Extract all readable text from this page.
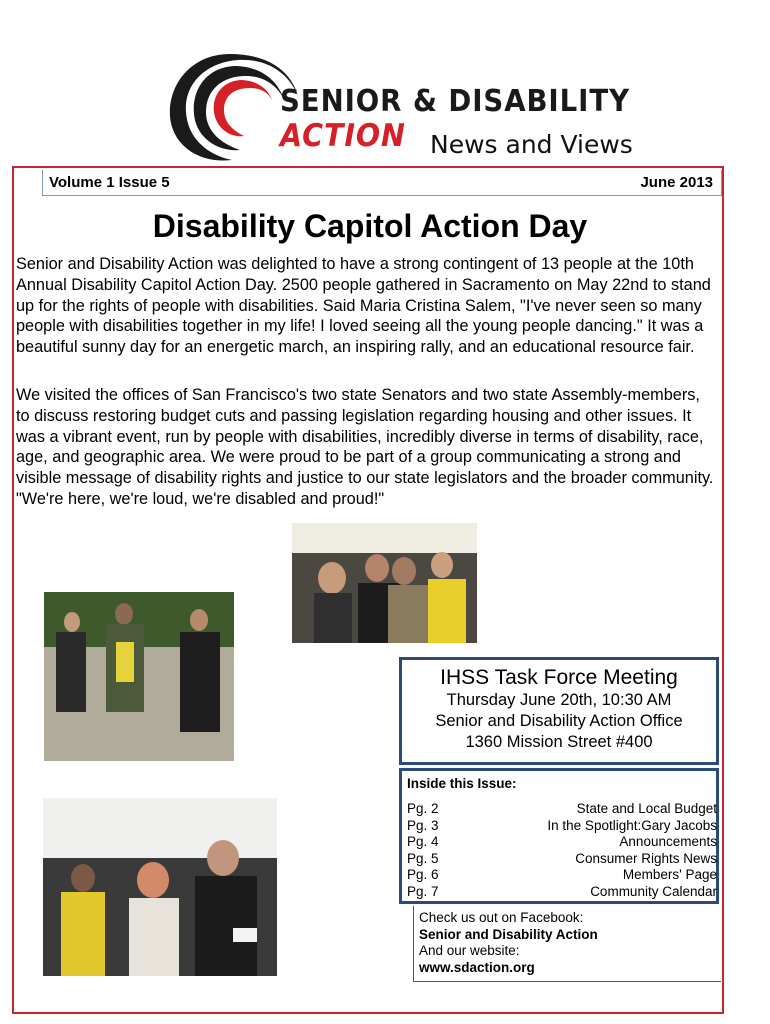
SENIOR & DISABILITY
ACTION News and Views
Volume 1 Issue 5	June 2013
Disability Capitol Action Day
Senior and Disability Action was delighted to have a strong contingent of 13 people at the 10th Annual Disability Capitol Action Day. 2500 people gathered in Sacramento on May 22nd to stand up for the rights of people with disabilities. Said Maria Cristina Salem, "I've never seen so many people with disabilities together in my life! I loved seeing all the young people dancing." It was a beautiful sunny day for an energetic march, an inspiring rally, and an educational resource fair.
We visited the offices of San Francisco's two state Senators and two state Assembly-members, to discuss restoring budget cuts and passing legislation regarding housing and other issues. It was a vibrant event, run by people with disabilities, incredibly diverse in terms of disability, race, age, and geographic area. We were proud to be part of a group communicating a strong and visible message of disability rights and justice to our state legislators and the broader community. "We're here, we're loud, we're disabled and proud!"
IHSS Task Force Meeting
Thursday June 20th, 10:30 AM
Senior and Disability Action Office
1360 Mission Street #400
Inside this Issue:
Pg. 2	State and Local Budget
Pg. 3	In the Spotlight:Gary Jacobs
Pg. 4	Announcements
Pg. 5	Consumer Rights News
Pg. 6	Members' Page
Pg. 7	Community Calendar
Check us out on Facebook:
Senior and Disability Action
And our website:
www.sdaction.org
